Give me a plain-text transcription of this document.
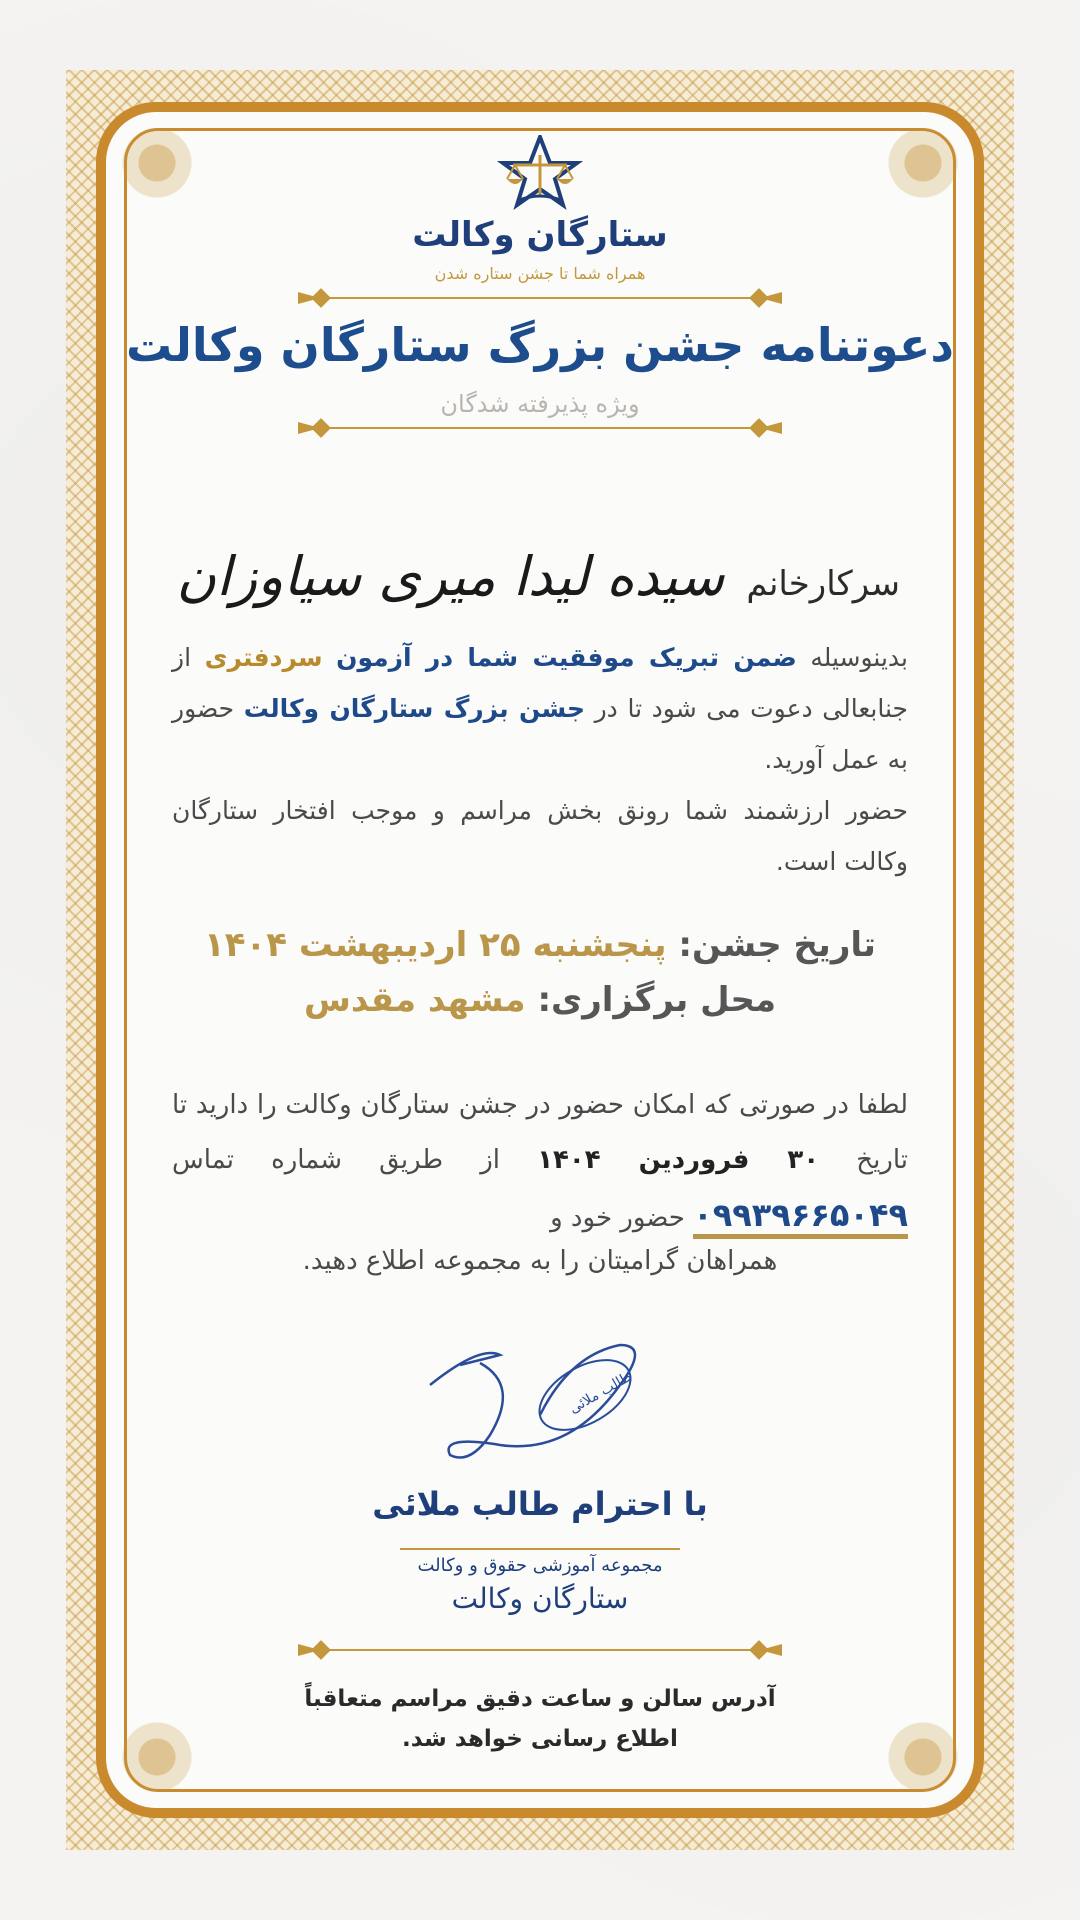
ستارگان وکالت
همراه شما تا جشن ستاره شدن
دعوتنامه جشن بزرگ ستارگان وکالت
ویژه پذیرفته شدگان
سرکارخانم
سیده لیدا میری سیاوزان
بدینوسیله ضمن تبریک موفقیت شما در آزمون سردفتری از جنابعالی دعوت می شود تا در جشن بزرگ ستارگان وکالت حضور به عمل آورید.
حضور ارزشمند شما رونق بخش مراسم و موجب افتخار ستارگان وکالت است.
تاریخ جشن: پنجشنبه ۲۵ اردیبهشت ۱۴۰۴
محل برگزاری: مشهد مقدس
لطفا در صورتی که امکان حضور در جشن ستارگان وکالت را دارید تا تاریخ ۳۰ فروردین ۱۴۰۴ از طریق شماره تماس ۰۹۹۳۹۶۶۵۰۴۹ حضور خود و
همراهان گرامیتان را به مجموعه اطلاع دهید.
طالب ملائی
با احترام طالب ملائی
مجموعه آموزشی حقوق و وکالت
ستارگان وکالت
آدرس سالن و ساعت دقیق مراسم متعاقباً
اطلاع رسانی خواهد شد.
